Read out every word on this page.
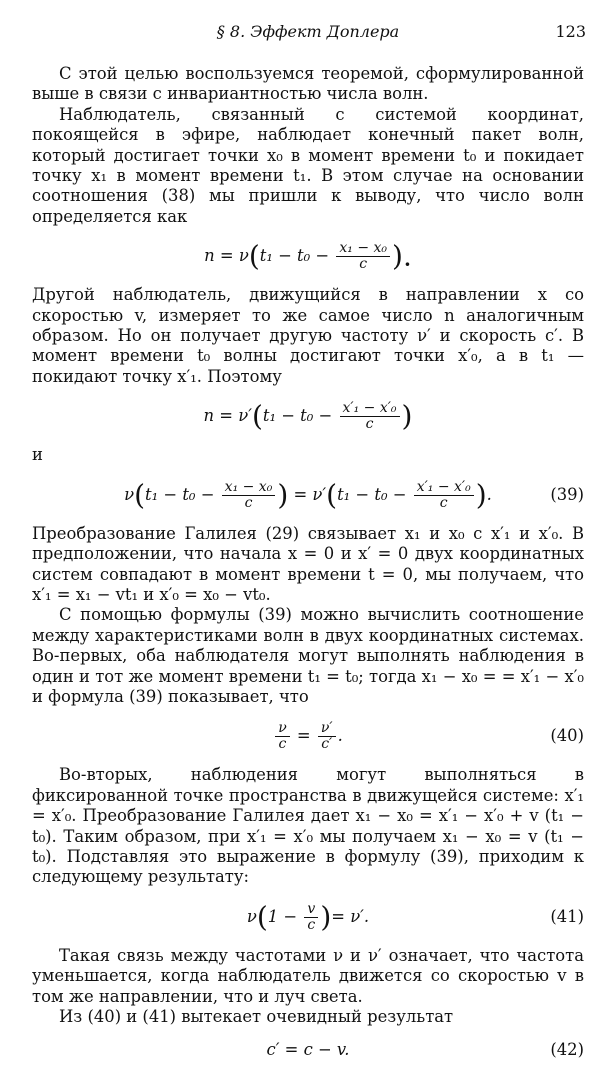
§ 8. Эффект Доплера	123

С этой целью воспользуемся теоремой, сформулированной выше в связи с инвариантностью числа волн.

Наблюдатель, связанный с системой координат, покоящейся в эфире, наблюдает конечный пакет волн, который достигает точки x₀ в момент времени t₀ и покидает точку x₁ в момент времени t₁. В этом случае на основании соотношения (38) мы пришли к выводу, что число волн определяется как

$n = \nu(t_1 - t_0 - \frac{\text{x₁ − x₀}}{c}$ ).

Другой наблюдатель, движущийся в направлении x со скоростью v, измеряет то же самое число n аналогичным образом. Но он получает другую частоту ν′ и скорость c′. В момент времени t₀ волны достигают точки x′₀, а в t₁ — покидают точку x′₁. Поэтому

$n = \nu'(t_1 - t_0 - \frac{\text{x′₁ − x′₀}}{c}$ )

и

$\nu(t_1 - t_0 - \frac{\text{x₁ − x₀}}{c}$ ) = $\nu'(t_1 - t_0 - \frac{\text{x′₁ − x′₀}}{c}$ ).	(39)

Преобразование Галилея (29) связывает x₁ и x₀ с x′₁ и x′₀. В предположении, что начала x = 0 и x′ = 0 двух координатных систем совпадают в момент времени t = 0, мы получаем, что x′₁ = x₁ − vt₁ и x′₀ = x₀ − vt₀.

С помощью формулы (39) можно вычислить соотношение между характеристиками волн в двух координатных системах. Во-первых, оба наблюдателя могут выполнять наблюдения в один и тот же момент времени t₁ = t₀; тогда x₁ − x₀ = = x′₁ − x′₀ и формула (39) показывает, что

$\frac{\nu}{c} = \frac{\nu'}{c'}$ .	(40)

Во-вторых, наблюдения могут выполняться в фиксированной точке пространства в движущейся системе: x′₁ = x′₀. Преобразование Галилея дает x₁ − x₀ = x′₁ − x′₀ + v (t₁ − t₀). Таким образом, при x′₁ = x′₀ мы получаем x₁ − x₀ = v (t₁ − t₀). Подставляя это выражение в формулу (39), приходим к следующему результату:

$\nu(1 - \frac{v}{c}$ )= ν′.	(41)

Такая связь между частотами ν и ν′ означает, что частота уменьшается, когда наблюдатель движется со скоростью v в том же направлении, что и луч света.

Из (40) и (41) вытекает очевидный результат

c′ = c − v.	(42)
